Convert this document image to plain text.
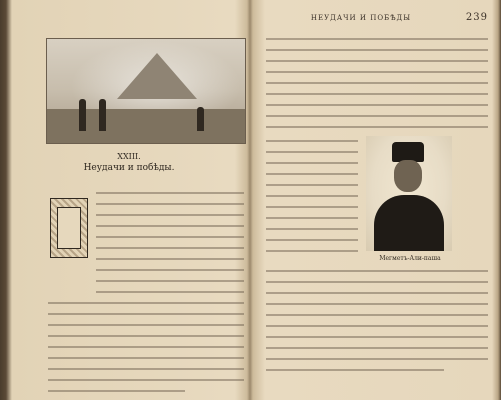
XXIII.
Неудачи и побѣды.
НЕУДАЧИ И ПОБѢДЫ	239
Мегметъ-Али-паша
